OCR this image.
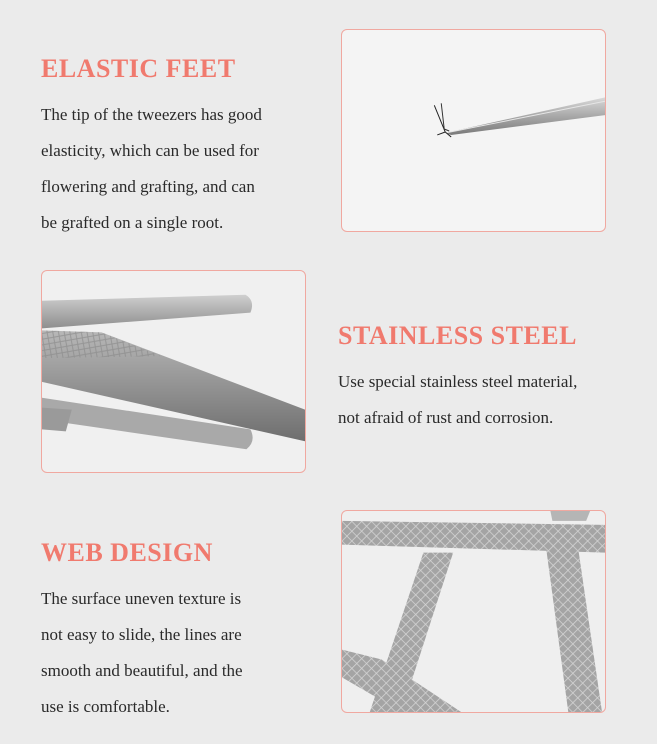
ELASTIC FEET
The tip of the tweezers has good
elasticity, which can be used for
flowering and grafting, and can
be grafted on a single root.
STAINLESS STEEL
Use special stainless steel material,
not afraid of rust and corrosion.
WEB DESIGN
The surface uneven texture is
not easy to slide, the lines are
smooth and beautiful, and the
use is comfortable.
